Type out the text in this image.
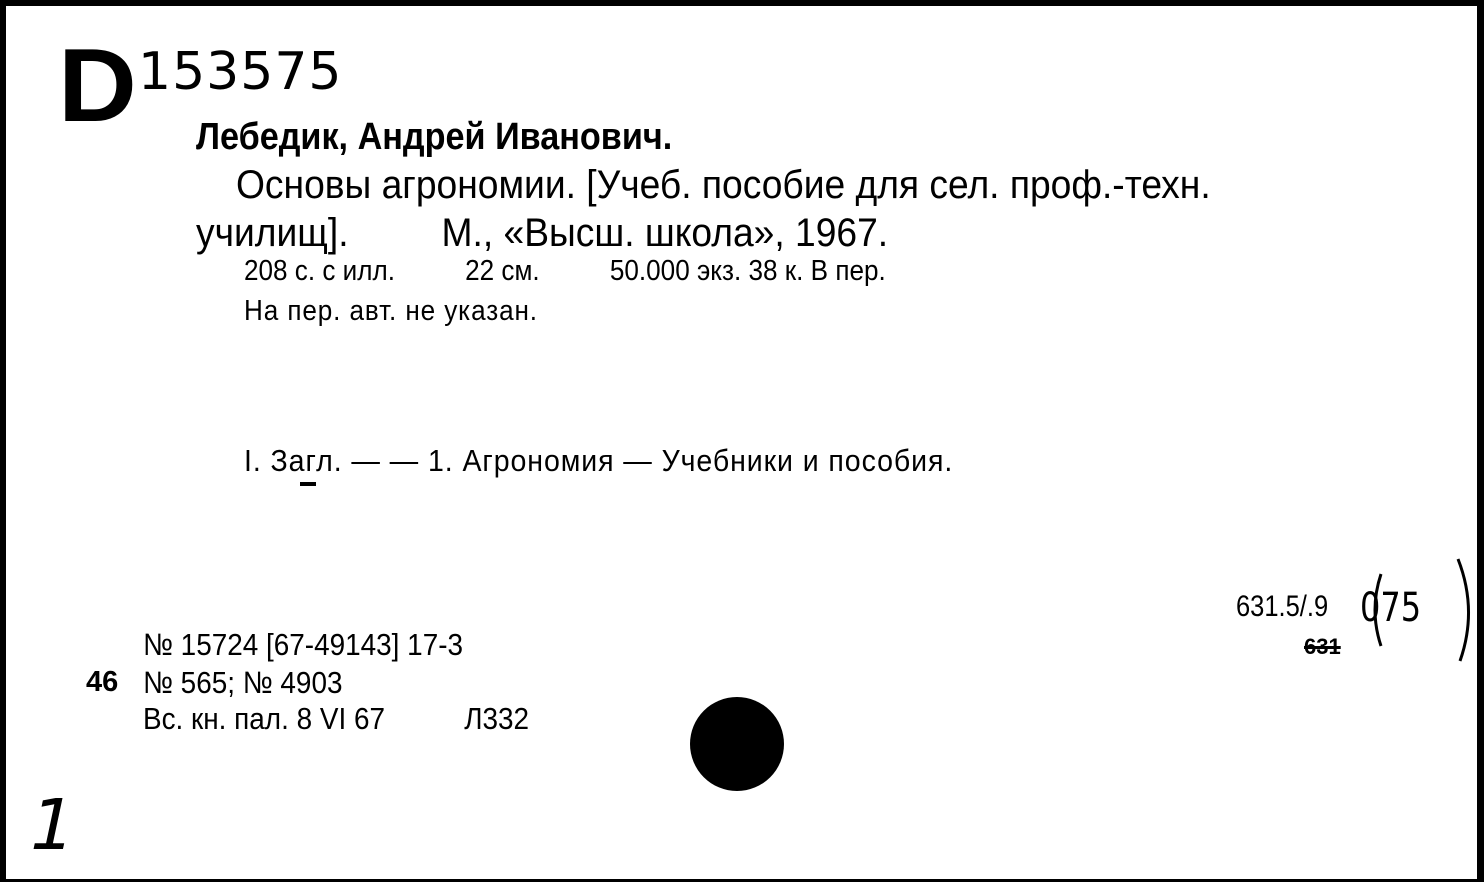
D 153575
Лебедик, Андрей Иванович.
Основы агрономии. [Учеб. пособие для сел. проф.-техн.
училищ]. М., «Высш. школа», 1967.
208 с. с илл. 22 см. 50.000 экз. 38 к. В пер.
На пер. авт. не указан.
I. Загл. — — 1. Агрономия — Учебники и пособия.
631.5/.9
631
075
№ 15724 [67-49143] 17-3
46 № 565; № 4903
Вс. кн. пал. 8 VI 67	Л332
1
